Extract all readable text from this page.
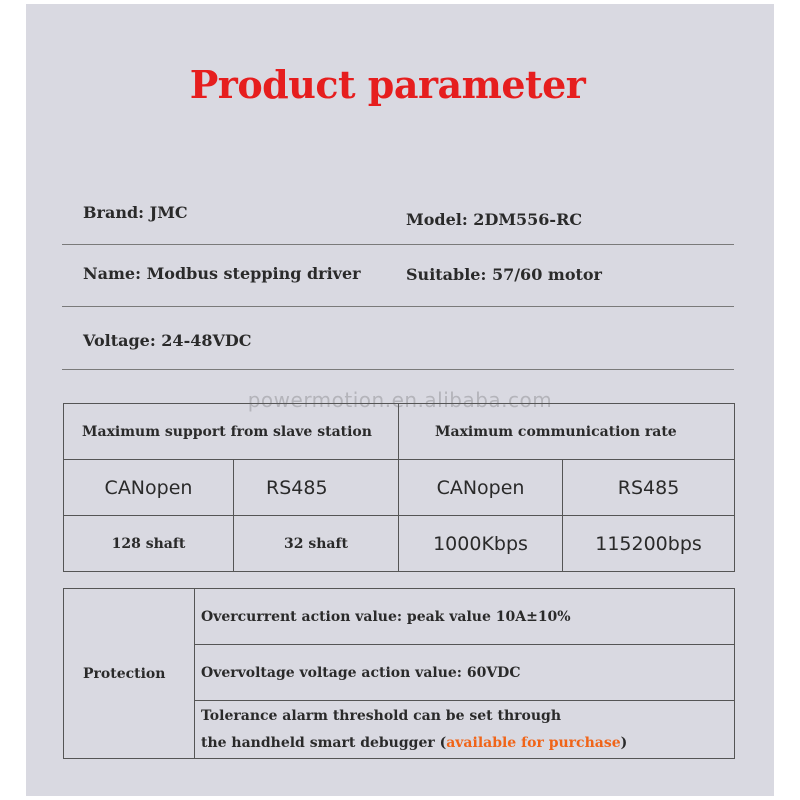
Product parameter
Brand: JMC	Model: 2DM556-RC
Name: Modbus stepping driver	Suitable: 57/60 motor
Voltage: 24-48VDC
powermotion.en.alibaba.com
Maximum support from slave station		Maximum communication rate	
CANopen	RS485	CANopen	RS485
128 shaft	32 shaft	1000Kbps	115200bps
Protection	Overcurrent action value: peak value 10A±10%
Overvoltage voltage action value: 60VDC

Tolerance alarm threshold can be set through
the handheld smart debugger (available for purchase)
